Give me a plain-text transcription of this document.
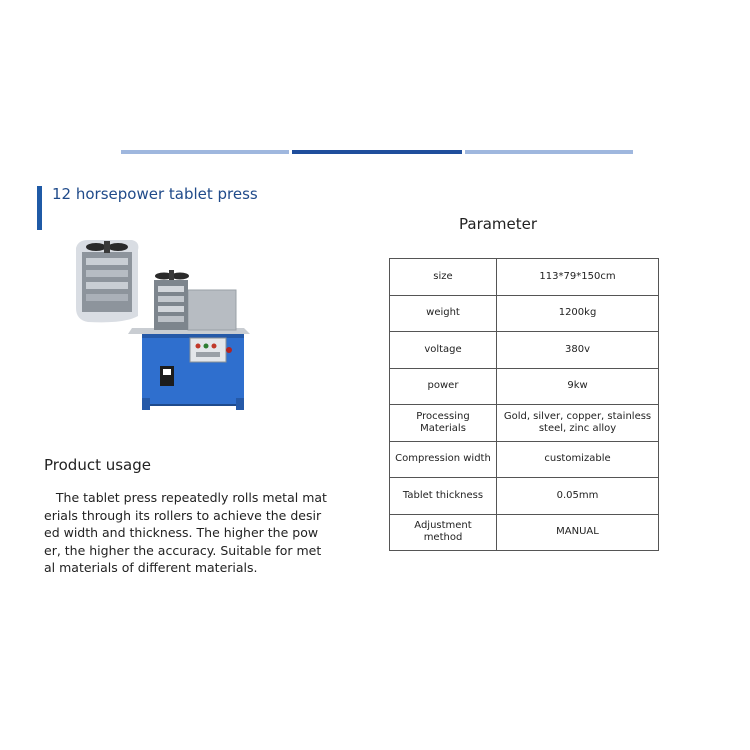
12 horsepower tablet press
Parameter
size	113*79*150cm
weight	1200kg
voltage	380v
power	9kw
Processing Materials	Gold, silver, copper, stainless
steel, zinc alloy
Compression width	customizable
Tablet thickness	0.05mm
Adjustment method	MANUAL
Product usage
The tablet press repeatedly rolls metal mat
erials through its rollers to achieve the desir
ed width and thickness. The higher the pow
er, the higher the accuracy. Suitable for met
al materials of different materials.
